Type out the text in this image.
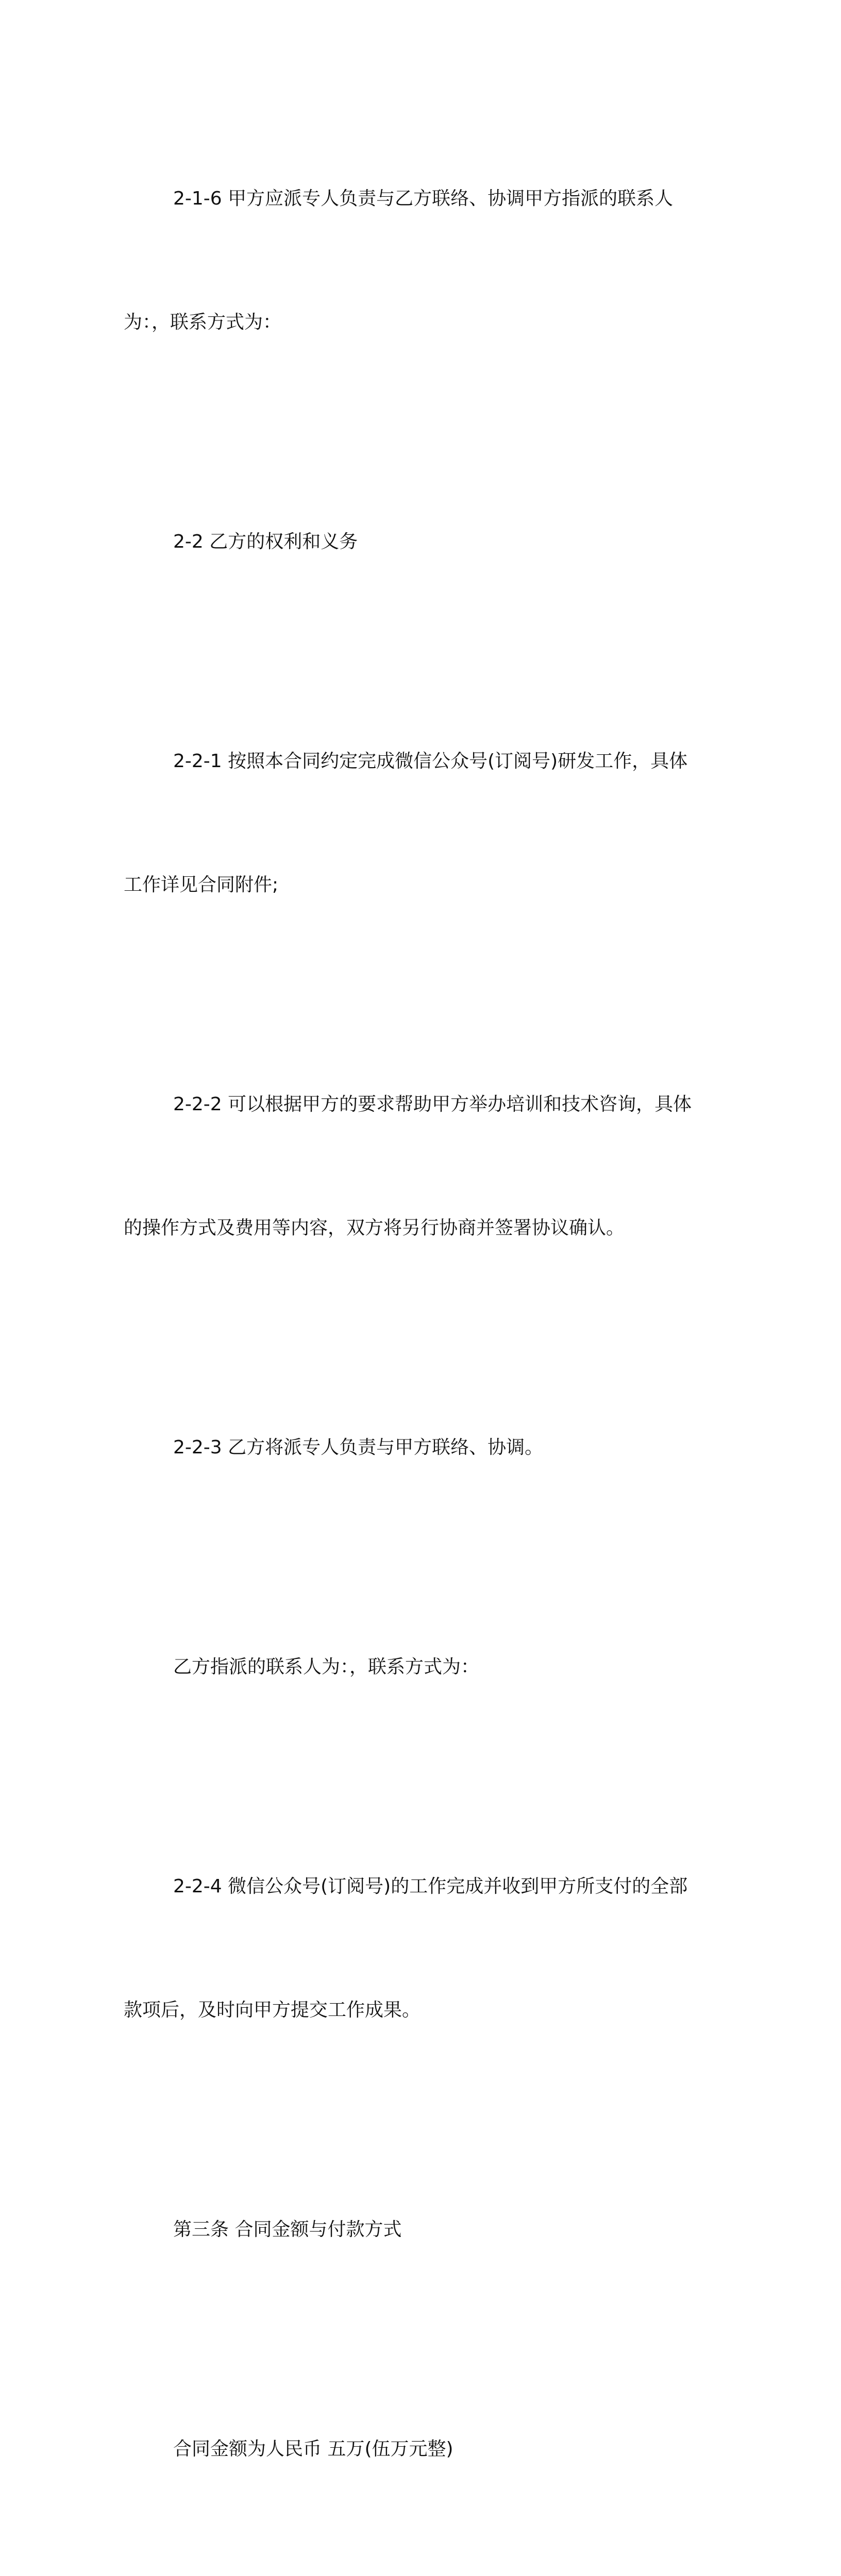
2-1-6 甲方应派专人负责与乙方联络、协调甲方指派的联系人

为：，联系方式为：

2-2 乙方的权利和义务

2-2-1 按照本合同约定完成微信公众号(订阅号)研发工作，具体

工作详见合同附件;

2-2-2 可以根据甲方的要求帮助甲方举办培训和技术咨询，具体

的操作方式及费用等内容，双方将另行协商并签署协议确认。

2-2-3 乙方将派专人负责与甲方联络、协调。

乙方指派的联系人为：，联系方式为：

2-2-4 微信公众号(订阅号)的工作完成并收到甲方所支付的全部

款项后，及时向甲方提交工作成果。

第三条 合同金额与付款方式

合同金额为人民币 五万(伍万元整)
